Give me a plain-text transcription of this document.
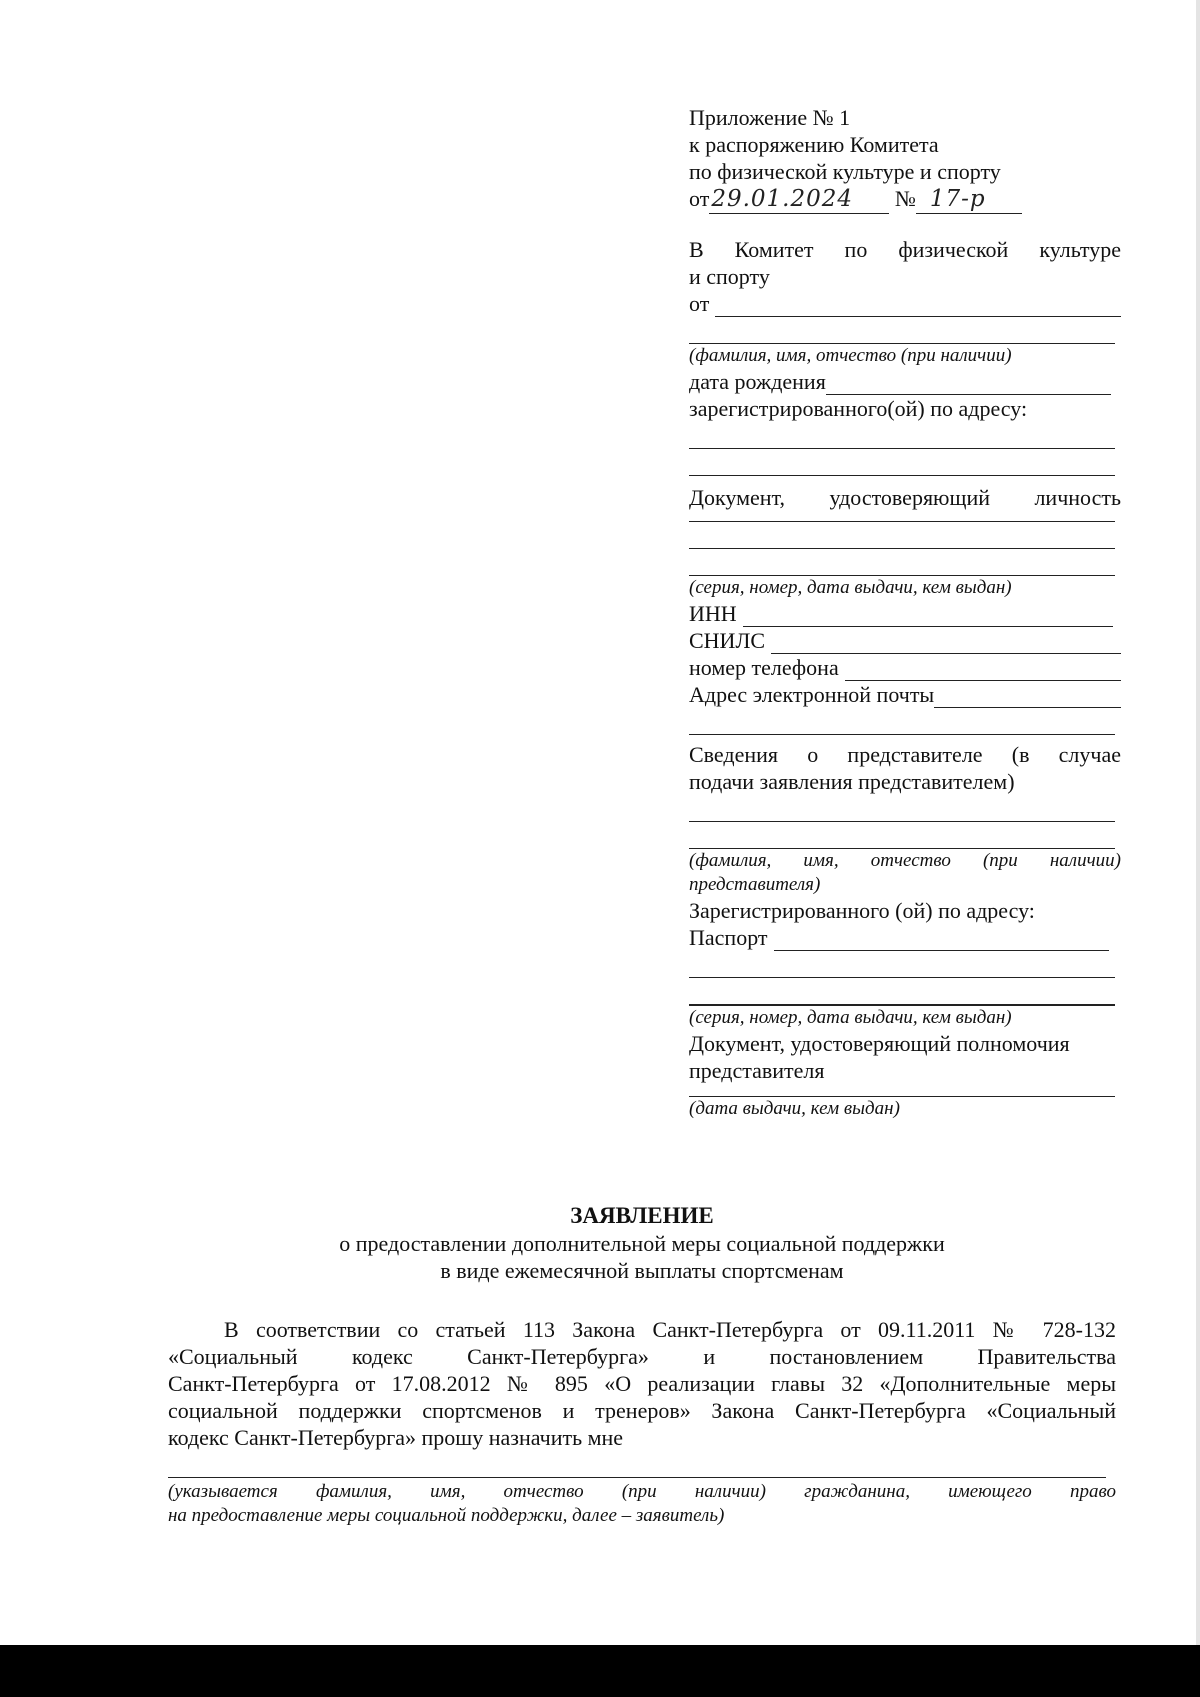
Приложение № 1
к распоряжению Комитета
по физической культуре и спорту
от29.01.2024 № 17-р
В Комитет по физической культуре
и спорту
от
(фамилия, имя, отчество (при наличии)
дата рождения
зарегистрированного(ой) по адресу:
Документ, удостоверяющий личность
(серия, номер, дата выдачи, кем выдан)
ИНН
СНИЛС
номер телефона
Адрес электронной почты
Сведения о представителе (в случае
подачи заявления представителем)
(фамилия, имя, отчество (при наличии)
представителя)
Зарегистрированного (ой) по адресу:
Паспорт
(серия, номер, дата выдачи, кем выдан)
Документ, удостоверяющий полномочия
представителя
(дата выдачи, кем выдан)
ЗАЯВЛЕНИЕ
о предоставлении дополнительной меры социальной поддержки
в виде ежемесячной выплаты спортсменам
В соответствии со статьей 113 Закона Санкт-Петербурга от 09.11.2011 № 728-132
«Социальный кодекс Санкт-Петербурга» и постановлением Правительства
Санкт-Петербурга от 17.08.2012 № 895 «О реализации главы 32 «Дополнительные меры
социальной поддержки спортсменов и тренеров» Закона Санкт-Петербурга «Социальный
кодекс Санкт-Петербурга» прошу назначить мне
(указывается фамилия, имя, отчество (при наличии) гражданина, имеющего право
на предоставление меры социальной поддержки, далее – заявитель)
